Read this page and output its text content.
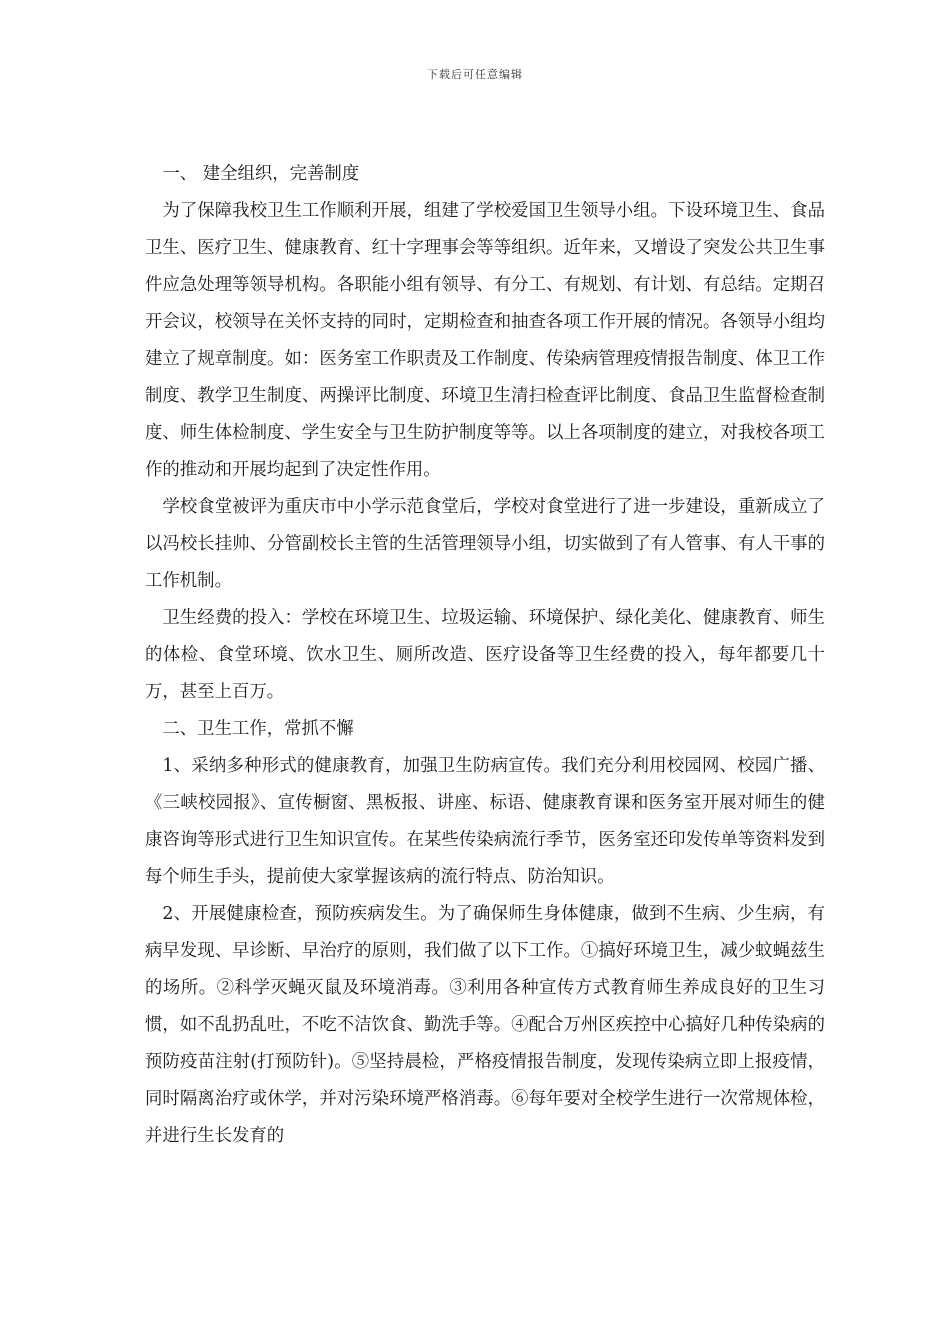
下载后可任意编辑

一、 建全组织，完善制度

为了保障我校卫生工作顺利开展，组建了学校爱国卫生领导小组。下设环境卫生、食品卫生、医疗卫生、健康教育、红十字理事会等等组织。近年来，又增设了突发公共卫生事件应急处理等领导机构。各职能小组有领导、有分工、有规划、有计划、有总结。定期召开会议，校领导在关怀支持的同时，定期检查和抽查各项工作开展的情况。各领导小组均建立了规章制度。如：医务室工作职责及工作制度、传染病管理疫情报告制度、体卫工作制度、教学卫生制度、两操评比制度、环境卫生清扫检查评比制度、食品卫生监督检查制度、师生体检制度、学生安全与卫生防护制度等等。以上各项制度的建立，对我校各项工作的推动和开展均起到了决定性作用。

学校食堂被评为重庆市中小学示范食堂后，学校对食堂进行了进一步建设，重新成立了以冯校长挂帅、分管副校长主管的生活管理领导小组，切实做到了有人管事、有人干事的工作机制。

卫生经费的投入：学校在环境卫生、垃圾运输、环境保护、绿化美化、健康教育、师生的体检、食堂环境、饮水卫生、厕所改造、医疗设备等卫生经费的投入，每年都要几十万，甚至上百万。

二、卫生工作，常抓不懈

1、采纳多种形式的健康教育，加强卫生防病宣传。我们充分利用校园网、校园广播、《三峡校园报》、宣传橱窗、黑板报、讲座、标语、健康教育课和医务室开展对师生的健康咨询等形式进行卫生知识宣传。在某些传染病流行季节，医务室还印发传单等资料发到每个师生手头，提前使大家掌握该病的流行特点、防治知识。

2、开展健康检查，预防疾病发生。为了确保师生身体健康，做到不生病、少生病，有病早发现、早诊断、早治疗的原则，我们做了以下工作。①搞好环境卫生，减少蚊蝇兹生的场所。②科学灭蝇灭鼠及环境消毒。③利用各种宣传方式教育师生养成良好的卫生习惯，如不乱扔乱吐，不吃不洁饮食、勤洗手等。④配合万州区疾控中心搞好几种传染病的预防疫苗注射(打预防针)。⑤坚持晨检，严格疫情报告制度，发现传染病立即上报疫情，同时隔离治疗或休学，并对污染环境严格消毒。⑥每年要对全校学生进行一次常规体检，并进行生长发育的
